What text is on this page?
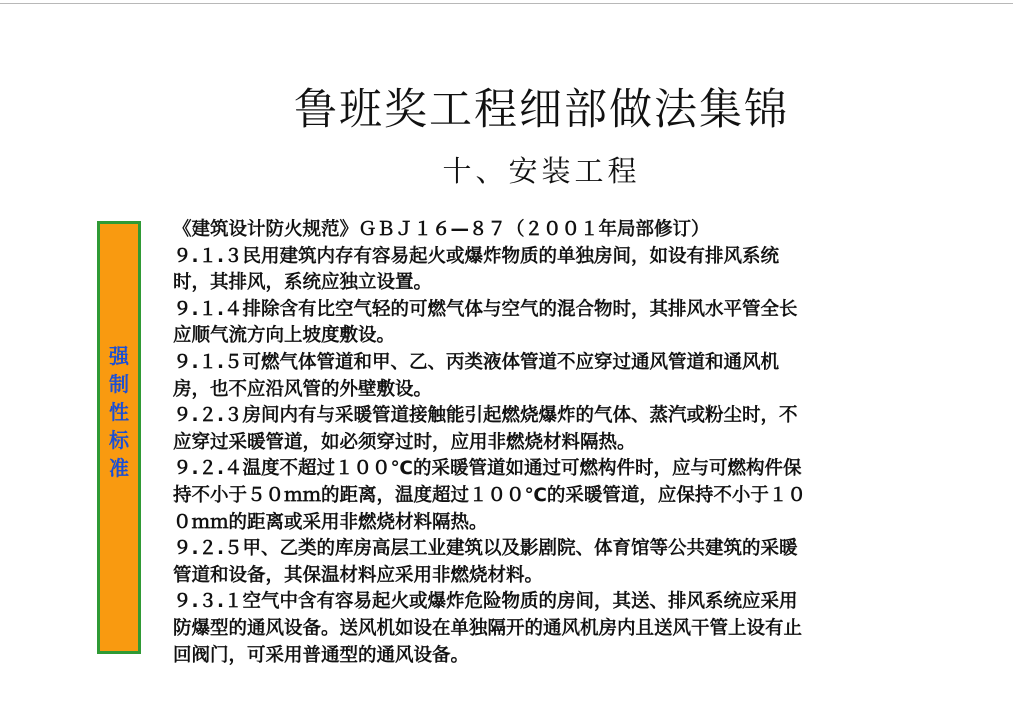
鲁班奖工程细部做法集锦
十、安装工程
强
制
性
标
准
《建筑设计防火规范》ＧＢＪ１６—８７（２００１年局部修订）
９.１.３民用建筑内存有容易起火或爆炸物质的单独房间，如设有排风系统
时，其排风，系统应独立设置。
９.１.４排除含有比空气轻的可燃气体与空气的混合物时，其排风水平管全长
应顺气流方向上坡度敷设。
９.１.５可燃气体管道和甲、乙、丙类液体管道不应穿过通风管道和通风机
房，也不应沿风管的外壁敷设。
９.２.３房间内有与采暖管道接触能引起燃烧爆炸的气体、蒸汽或粉尘时，不
应穿过采暖管道，如必须穿过时，应用非燃烧材料隔热。
９.２.４温度不超过１００℃的采暖管道如通过可燃构件时，应与可燃构件保
持不小于５０ｍｍ的距离，温度超过１００℃的采暖管道，应保持不小于１０
０ｍｍ的距离或采用非燃烧材料隔热。
９.２.５甲、乙类的库房高层工业建筑以及影剧院、体育馆等公共建筑的采暖
管道和设备，其保温材料应采用非燃烧材料。
９.３.１空气中含有容易起火或爆炸危险物质的房间，其送、排风系统应采用
防爆型的通风设备。送风机如设在单独隔开的通风机房内且送风干管上设有止
回阀门，可采用普通型的通风设备。
